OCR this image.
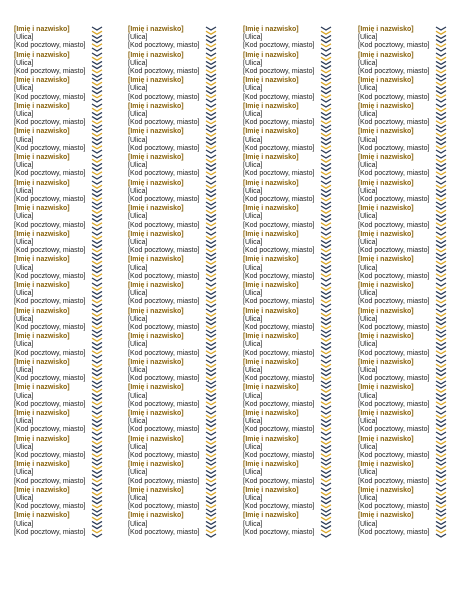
[Imię i nazwisko]
[Ulica]
[Kod pocztowy, miasto]
[Imię i nazwisko]
[Ulica]
[Kod pocztowy, miasto]
[Imię i nazwisko]
[Ulica]
[Kod pocztowy, miasto]
[Imię i nazwisko]
[Ulica]
[Kod pocztowy, miasto]
[Imię i nazwisko]
[Ulica]
[Kod pocztowy, miasto]
[Imię i nazwisko]
[Ulica]
[Kod pocztowy, miasto]
[Imię i nazwisko]
[Ulica]
[Kod pocztowy, miasto]
[Imię i nazwisko]
[Ulica]
[Kod pocztowy, miasto]
[Imię i nazwisko]
[Ulica]
[Kod pocztowy, miasto]
[Imię i nazwisko]
[Ulica]
[Kod pocztowy, miasto]
[Imię i nazwisko]
[Ulica]
[Kod pocztowy, miasto]
[Imię i nazwisko]
[Ulica]
[Kod pocztowy, miasto]
[Imię i nazwisko]
[Ulica]
[Kod pocztowy, miasto]
[Imię i nazwisko]
[Ulica]
[Kod pocztowy, miasto]
[Imię i nazwisko]
[Ulica]
[Kod pocztowy, miasto]
[Imię i nazwisko]
[Ulica]
[Kod pocztowy, miasto]
[Imię i nazwisko]
[Ulica]
[Kod pocztowy, miasto]
[Imię i nazwisko]
[Ulica]
[Kod pocztowy, miasto]
[Imię i nazwisko]
[Ulica]
[Kod pocztowy, miasto]
[Imię i nazwisko]
[Ulica]
[Kod pocztowy, miasto]
[Imię i nazwisko]
[Ulica]
[Kod pocztowy, miasto]
[Imię i nazwisko]
[Ulica]
[Kod pocztowy, miasto]
[Imię i nazwisko]
[Ulica]
[Kod pocztowy, miasto]
[Imię i nazwisko]
[Ulica]
[Kod pocztowy, miasto]
[Imię i nazwisko]
[Ulica]
[Kod pocztowy, miasto]
[Imię i nazwisko]
[Ulica]
[Kod pocztowy, miasto]
[Imię i nazwisko]
[Ulica]
[Kod pocztowy, miasto]
[Imię i nazwisko]
[Ulica]
[Kod pocztowy, miasto]
[Imię i nazwisko]
[Ulica]
[Kod pocztowy, miasto]
[Imię i nazwisko]
[Ulica]
[Kod pocztowy, miasto]
[Imię i nazwisko]
[Ulica]
[Kod pocztowy, miasto]
[Imię i nazwisko]
[Ulica]
[Kod pocztowy, miasto]
[Imię i nazwisko]
[Ulica]
[Kod pocztowy, miasto]
[Imię i nazwisko]
[Ulica]
[Kod pocztowy, miasto]
[Imię i nazwisko]
[Ulica]
[Kod pocztowy, miasto]
[Imię i nazwisko]
[Ulica]
[Kod pocztowy, miasto]
[Imię i nazwisko]
[Ulica]
[Kod pocztowy, miasto]
[Imię i nazwisko]
[Ulica]
[Kod pocztowy, miasto]
[Imię i nazwisko]
[Ulica]
[Kod pocztowy, miasto]
[Imię i nazwisko]
[Ulica]
[Kod pocztowy, miasto]
[Imię i nazwisko]
[Ulica]
[Kod pocztowy, miasto]
[Imię i nazwisko]
[Ulica]
[Kod pocztowy, miasto]
[Imię i nazwisko]
[Ulica]
[Kod pocztowy, miasto]
[Imię i nazwisko]
[Ulica]
[Kod pocztowy, miasto]
[Imię i nazwisko]
[Ulica]
[Kod pocztowy, miasto]
[Imię i nazwisko]
[Ulica]
[Kod pocztowy, miasto]
[Imię i nazwisko]
[Ulica]
[Kod pocztowy, miasto]
[Imię i nazwisko]
[Ulica]
[Kod pocztowy, miasto]
[Imię i nazwisko]
[Ulica]
[Kod pocztowy, miasto]
[Imię i nazwisko]
[Ulica]
[Kod pocztowy, miasto]
[Imię i nazwisko]
[Ulica]
[Kod pocztowy, miasto]
[Imię i nazwisko]
[Ulica]
[Kod pocztowy, miasto]
[Imię i nazwisko]
[Ulica]
[Kod pocztowy, miasto]
[Imię i nazwisko]
[Ulica]
[Kod pocztowy, miasto]
[Imię i nazwisko]
[Ulica]
[Kod pocztowy, miasto]
[Imię i nazwisko]
[Ulica]
[Kod pocztowy, miasto]
[Imię i nazwisko]
[Ulica]
[Kod pocztowy, miasto]
[Imię i nazwisko]
[Ulica]
[Kod pocztowy, miasto]
[Imię i nazwisko]
[Ulica]
[Kod pocztowy, miasto]
[Imię i nazwisko]
[Ulica]
[Kod pocztowy, miasto]
[Imię i nazwisko]
[Ulica]
[Kod pocztowy, miasto]
[Imię i nazwisko]
[Ulica]
[Kod pocztowy, miasto]
[Imię i nazwisko]
[Ulica]
[Kod pocztowy, miasto]
[Imię i nazwisko]
[Ulica]
[Kod pocztowy, miasto]
[Imię i nazwisko]
[Ulica]
[Kod pocztowy, miasto]
[Imię i nazwisko]
[Ulica]
[Kod pocztowy, miasto]
[Imię i nazwisko]
[Ulica]
[Kod pocztowy, miasto]
[Imię i nazwisko]
[Ulica]
[Kod pocztowy, miasto]
[Imię i nazwisko]
[Ulica]
[Kod pocztowy, miasto]
[Imię i nazwisko]
[Ulica]
[Kod pocztowy, miasto]
[Imię i nazwisko]
[Ulica]
[Kod pocztowy, miasto]
[Imię i nazwisko]
[Ulica]
[Kod pocztowy, miasto]
[Imię i nazwisko]
[Ulica]
[Kod pocztowy, miasto]
[Imię i nazwisko]
[Ulica]
[Kod pocztowy, miasto]
[Imię i nazwisko]
[Ulica]
[Kod pocztowy, miasto]
[Imię i nazwisko]
[Ulica]
[Kod pocztowy, miasto]
[Imię i nazwisko]
[Ulica]
[Kod pocztowy, miasto]
[Imię i nazwisko]
[Ulica]
[Kod pocztowy, miasto]
[Imię i nazwisko]
[Ulica]
[Kod pocztowy, miasto]
[Imię i nazwisko]
[Ulica]
[Kod pocztowy, miasto]
